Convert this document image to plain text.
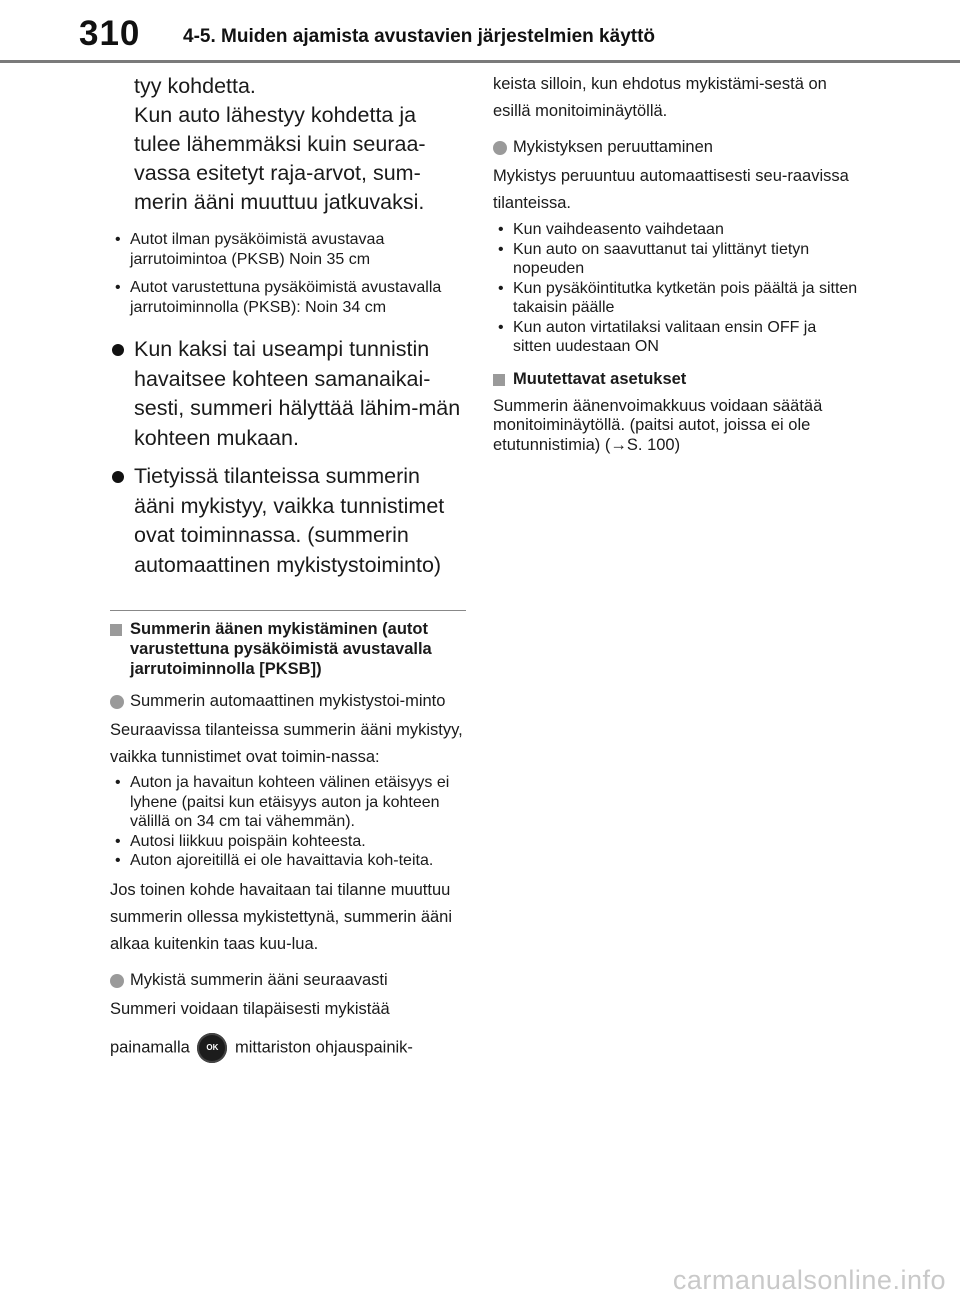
310 4-5. Muiden ajamista avustavien järjestelmien käyttö

tyy kohdetta.

Kun auto lähestyy kohdetta ja

tulee lähemmäksi kuin seuraa-

vassa esitetyt raja-arvot, sum-

merin ääni muuttuu jatkuvaksi.

• Autot ilman pysäköimistä avustavaa jarrutoimintoa (PKSB) Noin 35 cm
• Autot varustettuna pysäköimistä avustavalla jarrutoiminnolla (PKSB): Noin 34 cm
Kun kaksi tai useampi tunnistin havaitsee kohteen samanaikai-sesti, summeri hälyttää lähim-män kohteen mukaan.
Tietyissä tilanteissa summerin ääni mykistyy, vaikka tunnistimet ovat toiminnassa. (summerin automaattinen mykistystoiminto)
Summerin äänen mykistäminen (autot varustettuna pysäköimistä avustavalla jarrutoiminnolla [PKSB])
Summerin automaattinen mykistystoi-minto

Seuraavissa tilanteissa summerin ääni mykistyy, vaikka tunnistimet ovat toimin-nassa:

• Auton ja havaitun kohteen välinen etäisyys ei lyhene (paitsi kun etäisyys auton ja kohteen välillä on 34 cm tai vähemmän).
• Autosi liikkuu poispäin kohteesta.
• Auton ajoreitillä ei ole havaittavia koh-teita.

Jos toinen kohde havaitaan tai tilanne muuttuu summerin ollessa mykistettynä, summerin ääni alkaa kuitenkin taas kuu-lua.

Mykistä summerin ääni seuraavasti

Summeri voidaan tilapäisesti mykistää

painamalla OK mittariston ohjauspainik-

keista silloin, kun ehdotus mykistämi-sestä on esillä monitoiminäytöllä.

Mykistyksen peruuttaminen

Mykistys peruuntuu automaattisesti seu-raavissa tilanteissa.

• Kun vaihdeasento vaihdetaan
• Kun auto on saavuttanut tai ylittänyt tietyn nopeuden
• Kun pysäköintitutka kytketän pois päältä ja sitten takaisin päälle
• Kun auton virtatilaksi valitaan ensin OFF ja sitten uudestaan ON
Muutettavat asetukset

Summerin äänenvoimakkuus voidaan säätää monitoiminäytöllä. (paitsi autot, joissa ei ole etutunnistimia) (→S. 100)

carmanualsonline.info
